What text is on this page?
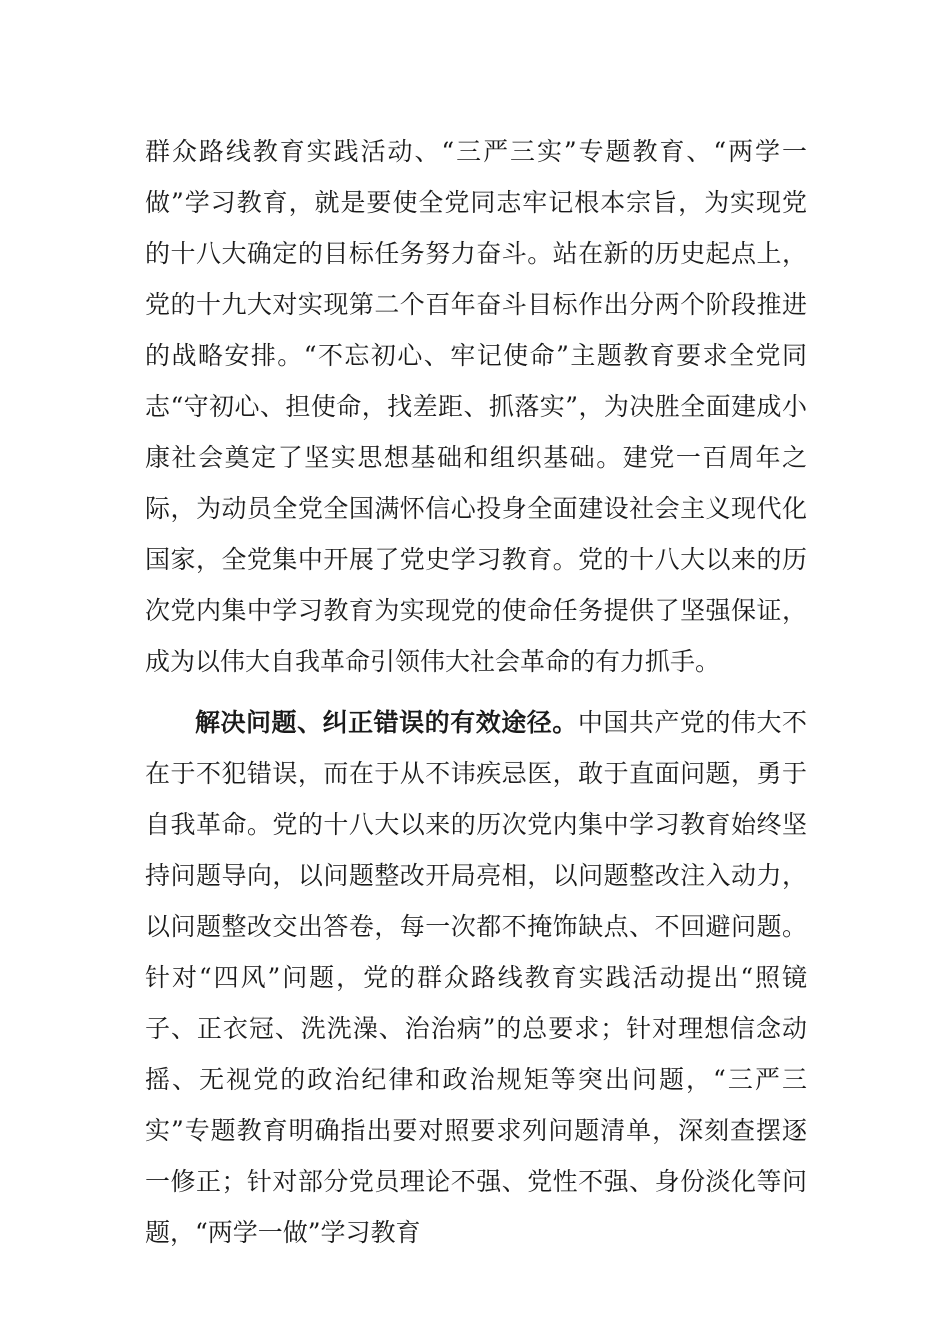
群众路线教育实践活动、“三严三实”专题教育、“两学一做”学习教育，就是要使全党同志牢记根本宗旨，为实现党的十八大确定的目标任务努力奋斗。站在新的历史起点上，党的十九大对实现第二个百年奋斗目标作出分两个阶段推进的战略安排。“不忘初心、牢记使命”主题教育要求全党同志“守初心、担使命，找差距、抓落实”，为决胜全面建成小康社会奠定了坚实思想基础和组织基础。建党一百周年之际，为动员全党全国满怀信心投身全面建设社会主义现代化国家，全党集中开展了党史学习教育。党的十八大以来的历次党内集中学习教育为实现党的使命任务提供了坚强保证，成为以伟大自我革命引领伟大社会革命的有力抓手。

解决问题、纠正错误的有效途径。中国共产党的伟大不在于不犯错误，而在于从不讳疾忌医，敢于直面问题，勇于自我革命。党的十八大以来的历次党内集中学习教育始终坚持问题导向，以问题整改开局亮相，以问题整改注入动力，以问题整改交出答卷，每一次都不掩饰缺点、不回避问题。针对“四风”问题，党的群众路线教育实践活动提出“照镜子、正衣冠、洗洗澡、治治病”的总要求；针对理想信念动摇、无视党的政治纪律和政治规矩等突出问题，“三严三实”专题教育明确指出要对照要求列问题清单，深刻查摆逐一修正；针对部分党员理论不强、党性不强、身份淡化等问题，“两学一做”学习教育
